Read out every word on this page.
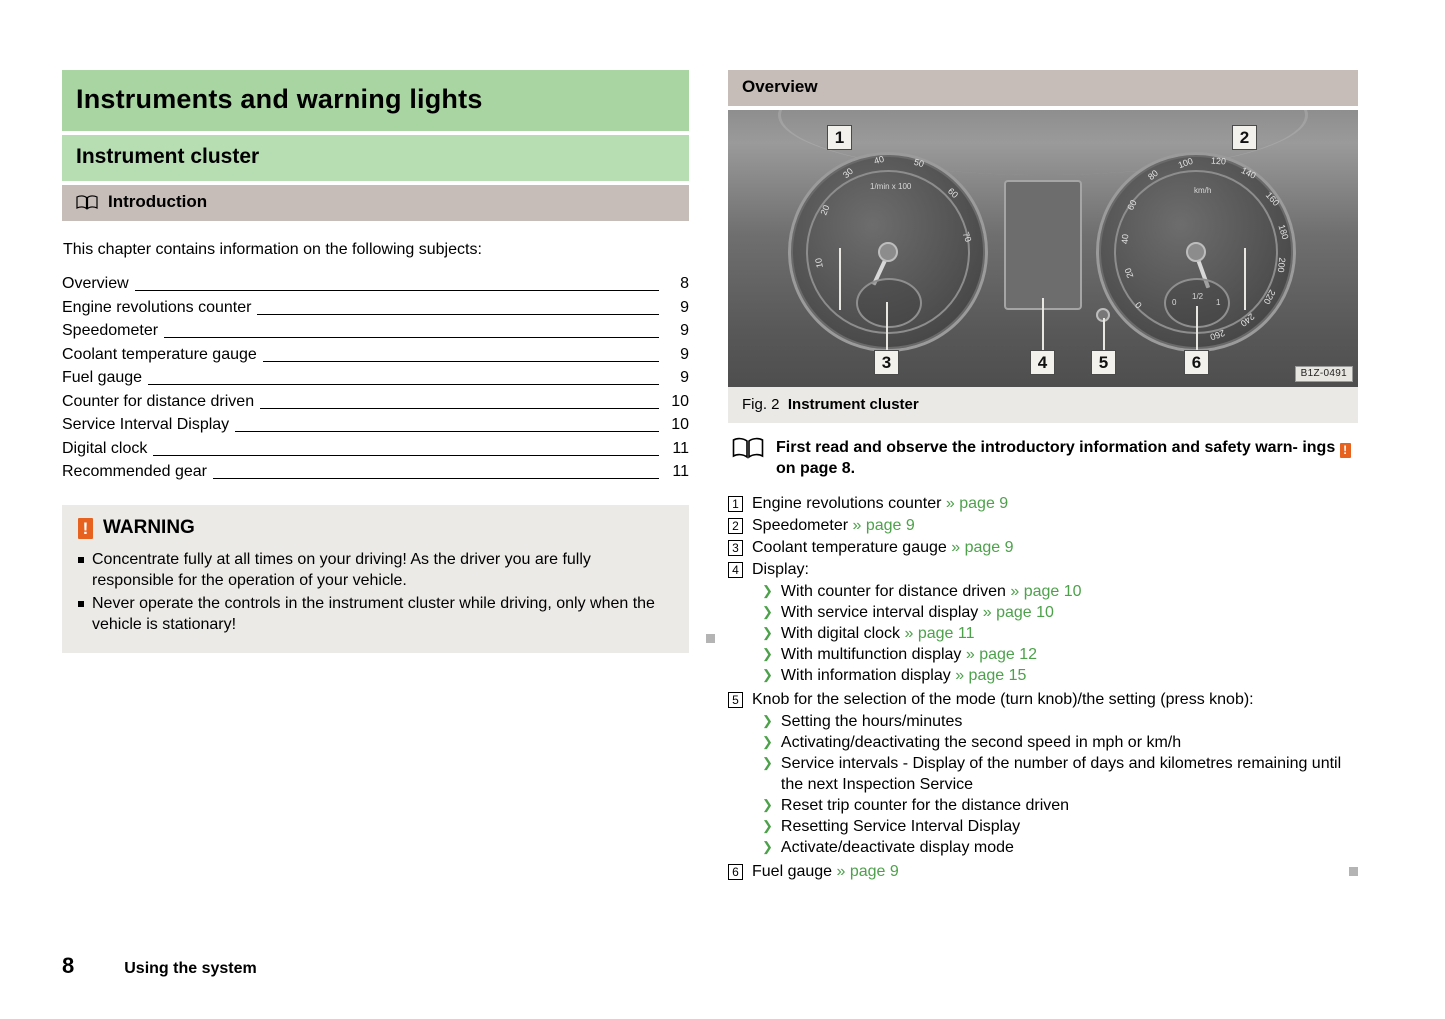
Instruments and warning lights
Instrument cluster
Introduction
This chapter contains information on the following subjects:
Overview	8
Engine revolutions counter	9
Speedometer	9
Coolant temperature gauge	9
Fuel gauge	9
Counter for distance driven	10
Service Interval Display	10
Digital clock	11
Recommended gear	11
! WARNING
Concentrate fully at all times on your driving! As the driver you are fully responsible for the operation of your vehicle.
Never operate the controls in the instrument cluster while driving, only when the vehicle is stationary!
Overview
30
40	50
60
70
20
10
1/min x 100
80
100 120
140
60	160
40	180
20
200
220
240
260
0
km/h
0
1/2
1
1	2
3	4	5	6
B1Z-0491
Fig. 2 Instrument cluster
First read and observe the introductory information and safety warn- ings ! on page 8.
1 Engine revolutions counter » page 9
2 Speedometer » page 9
3 Coolant temperature gauge » page 9
4 Display:
❯ With counter for distance driven » page 10
❯ With service interval display » page 10
❯ With digital clock » page 11
❯ With multifunction display » page 12
❯ With information display » page 15
5 Knob for the selection of the mode (turn knob)/the setting (press knob):
❯ Setting the hours/minutes
❯ Activating/deactivating the second speed in mph or km/h
❯ Service intervals - Display of the number of days and kilometres remaining until the next Inspection Service
❯ Reset trip counter for the distance driven
❯ Resetting Service Interval Display
❯ Activate/deactivate display mode
6 Fuel gauge » page 9
8	Using the system
